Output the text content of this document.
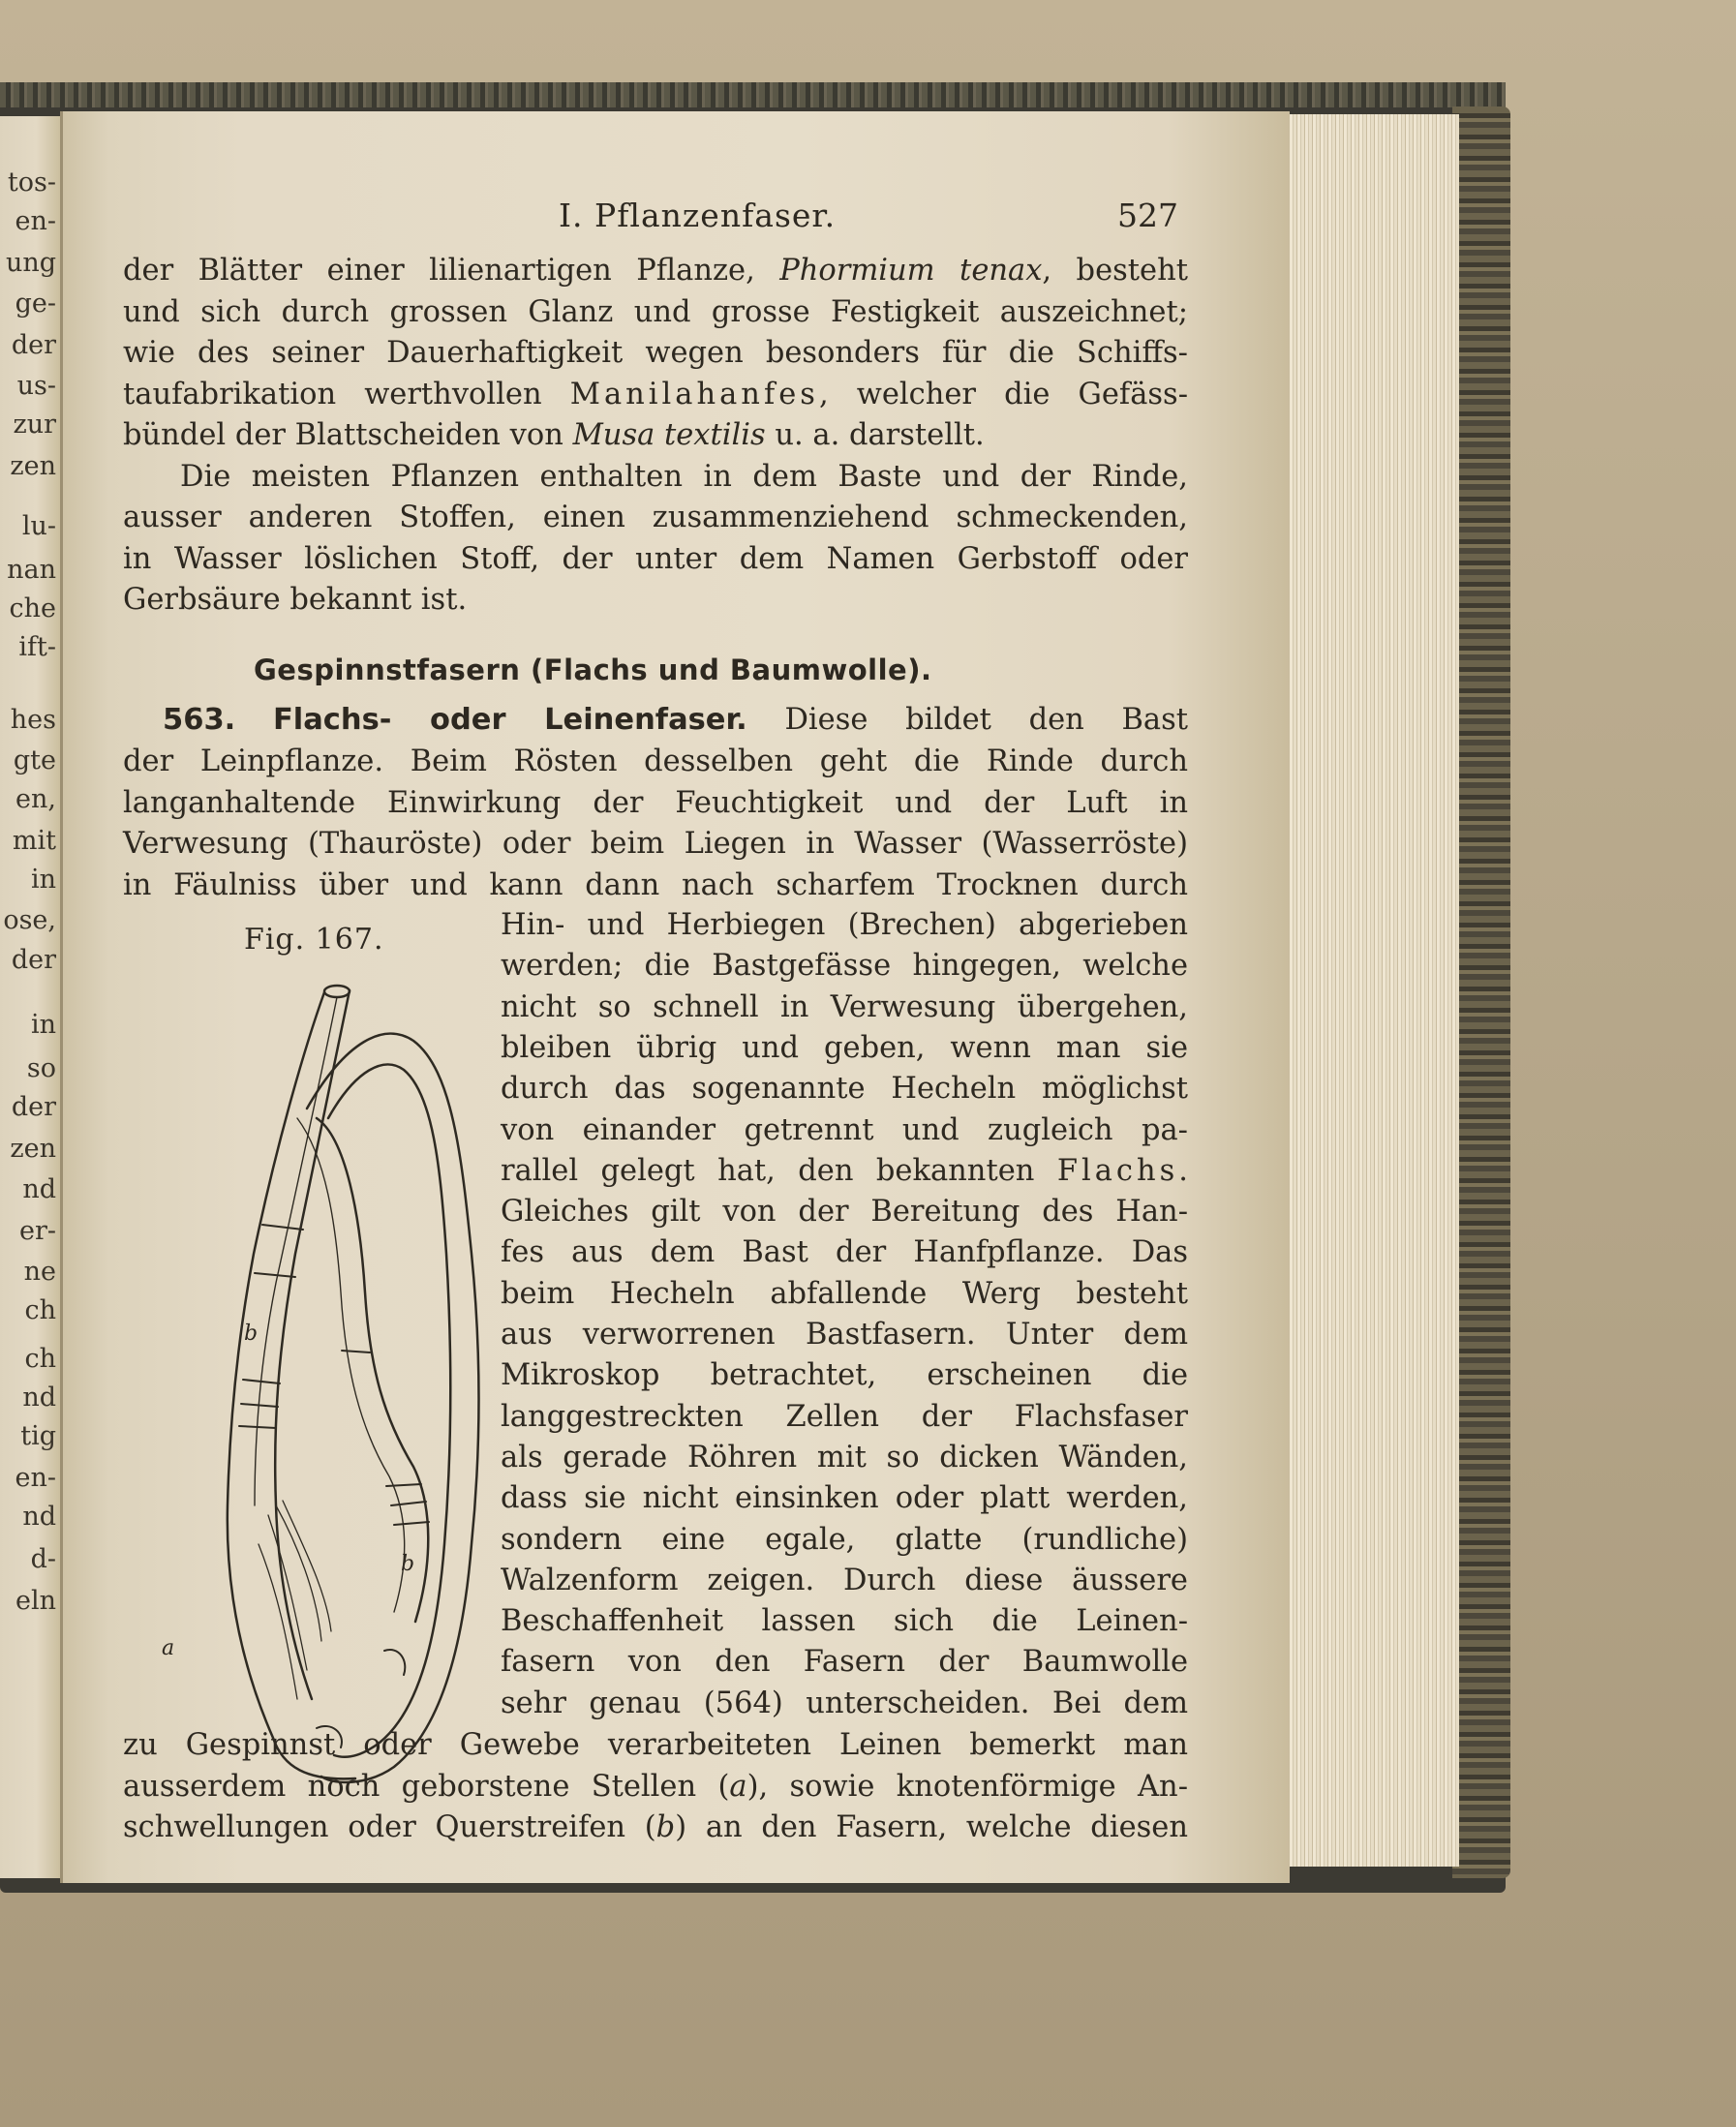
tos-
en-
ung
ge-
der
us-
zur
zen
lu-
nan
che
ift-
hes
gte
en,
mit
in
ose,
der
in
so
der
zen
nd
er-
ne
ch
ch
nd
tig
en-
nd
d-
eln
I. Pflanzenfaser.	527
der Blätter einer lilienartigen Pflanze, Phormium tenax, besteht
und sich durch grossen Glanz und grosse Festigkeit auszeichnet;
wie des seiner Dauerhaftigkeit wegen besonders für die Schiffs-
taufabrikation werthvollen Manilahanfes, welcher die Gefäss-
bündel der Blattscheiden von Musa textilis u. a. darstellt.
Die meisten Pflanzen enthalten in dem Baste und der Rinde,
ausser anderen Stoffen, einen zusammenziehend schmeckenden,
in Wasser löslichen Stoff, der unter dem Namen Gerbstoff oder
Gerbsäure bekannt ist.
Gespinnstfasern (Flachs und Baumwolle).
563. Flachs- oder Leinenfaser. Diese bildet den Bast
der Leinpflanze. Beim Rösten desselben geht die Rinde durch
langanhaltende Einwirkung der Feuchtigkeit und der Luft in
Verwesung (Thauröste) oder beim Liegen in Wasser (Wasserröste)
in Fäulniss über und kann dann nach scharfem Trocknen durch
Fig. 167.
b
b
a
Hin- und Herbiegen (Brechen) abgerieben
werden; die Bastgefässe hingegen, welche
nicht so schnell in Verwesung übergehen,
bleiben übrig und geben, wenn man sie
durch das sogenannte Hecheln möglichst
von einander getrennt und zugleich pa-
rallel gelegt hat, den bekannten Flachs.
Gleiches gilt von der Bereitung des Han-
fes aus dem Bast der Hanfpflanze. Das
beim Hecheln abfallende Werg besteht
aus verworrenen Bastfasern. Unter dem
Mikroskop betrachtet, erscheinen die
langgestreckten Zellen der Flachsfaser
als gerade Röhren mit so dicken Wänden,
dass sie nicht einsinken oder platt werden,
sondern eine egale, glatte (rundliche)
Walzenform zeigen. Durch diese äussere
Beschaffenheit lassen sich die Leinen-
fasern von den Fasern der Baumwolle
sehr genau (564) unterscheiden. Bei dem
zu Gespinnst oder Gewebe verarbeiteten Leinen bemerkt man
ausserdem noch geborstene Stellen (a), sowie knotenförmige An-
schwellungen oder Querstreifen (b) an den Fasern, welche diesen
